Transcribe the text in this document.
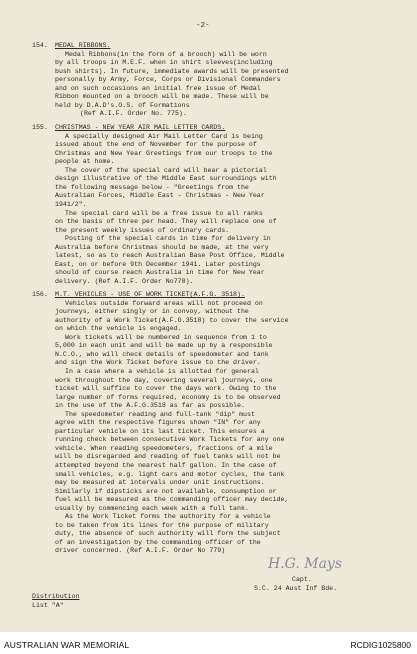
-2-
154. MEDAL RIBBONS.
Medal Ribbons(in the form of a brooch) will be worn
by all troops in M.E.F. when in shirt sleeves(including
bush shirts). In future, immediate awards will be presented
personally by Army, Force, Corps or Divisional Commanders
and on such occasions an initial free issue of Medal
Ribbon mounted on a brooch will be made. These will be
held by D.A.D's.O.S. of Formations
(Ref A.I.F. Order No. 775).
155. CHRISTMAS - NEW YEAR AIR MAIL LETTER CARDS.
A specially designed Air Mail Letter Card is being
issued about the end of November for the purpose of
Christmas and New Year Greetings from our troops to the
people at home.
The cover of the special card will bear a pictorial
design illustrative of the Middle East surroundings with
the following message below - "Greetings from the
Australian Forces, Middle East - Christmas - New Year
1941/2".
The special card will be a free issue to all ranks
on the basis of three per head. They will replace one of
the present weekly issues of ordinary cards.
Posting of the special cards in time for delivery in
Australia before Christmas should be made, at the very
latest, so as to reach Australian Base Post Office, Middle
East, on or before 9th December 1941. Later postings
should of course reach Australia in time for New Year
delivery. (Ref A.I.F. Order No778).
156. M.T. VEHICLES - USE OF WORK TICKET(A.F.G. 3518).
Vehicles outside forward areas will not proceed on
journeys, either singly or in convoy, without the
authority of a Work Ticket(A.F.G.3518) to cover the service
on which the vehicle is engaged.
Work tickets will be numbered in sequence from 1 to
5,000 in each unit and will be made up by a responsible
N.C.O., who will check details of speedometer and tank
and sign the Work Ticket before issue to the driver.
In a case where a vehicle is allotted for general
work throughout the day, covering several journeys, one
ticket will suffice to cover the days work. Owing to the
large number of forms required, economy is to be observed
in the use of the A.F.G.3518 as far as possible.
The speedometer reading and full-tank "dip" must
agree with the respective figures shown "IN" for any
particular vehicle on its last ticket. This ensures a
running check between consecutive Work Tickets for any one
vehicle. When reading speedometers, fractions of a mile
will be disregarded and reading of fuel tanks will not be
attempted beyond the nearest half gallon. In the case of
small vehicles, e.g. light cars and motor cycles, the tank
may be measured at intervals under unit instructions.
Similarly if dipsticks are not available, consumption or
fuel will be measured as the commanding officer may decide,
usually by commencing each week with a full tank.
As the Work Ticket forms the authority for a vehicle
to be taken from its lines for the purpose of military
duty, the absence of such authority will form the subject
of an investigation by the commanding officer of the
driver concerned. (Ref A.I.F. Order No 779)
H.G. Mays
Capt.
S.C. 24 Aust Inf Bde.
Distribution
List "A"
AUSTRALIAN WAR MEMORIAL	RCDIG1025800
